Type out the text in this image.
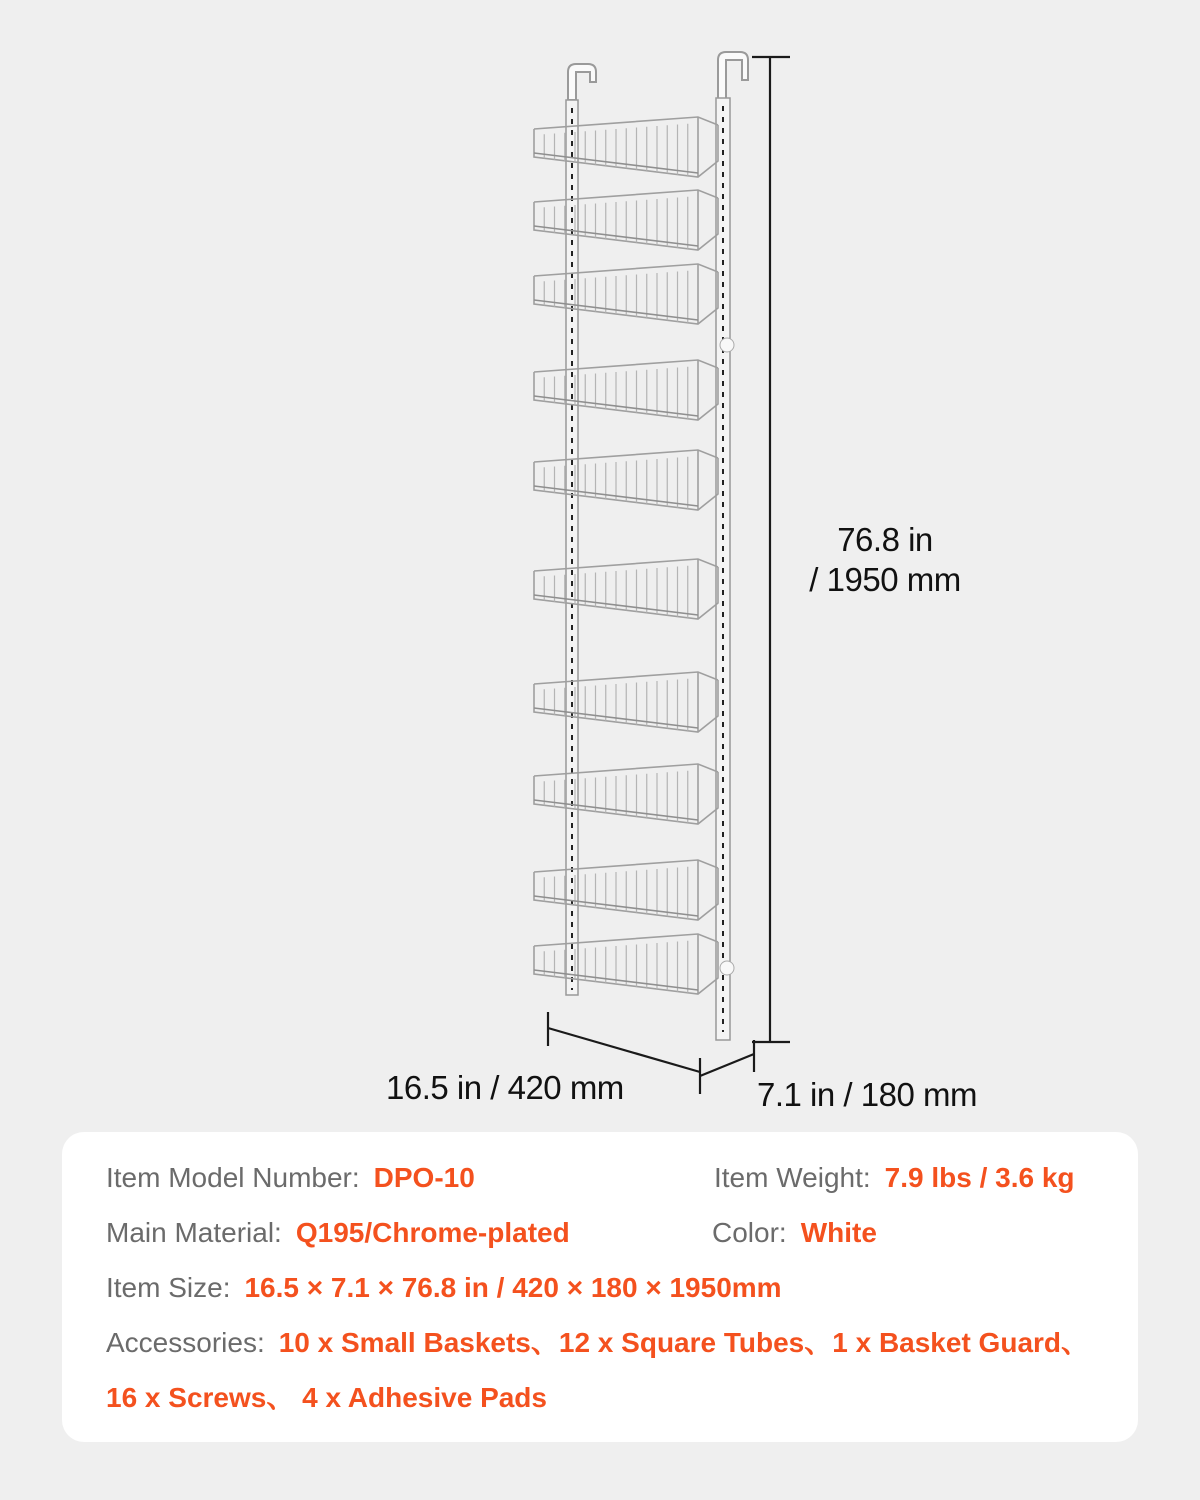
76.8 in
/ 1950 mm
16.5 in / 420 mm	7.1 in / 180 mm
Item Model Number: DPO-10	Item Weight: 7.9 lbs / 3.6 kg
Main Material: Q195/Chrome-plated	Color: White
Item Size: 16.5 × 7.1 × 76.8 in / 420 × 180 × 1950mm
Accessories: 10 x Small Baskets、12 x Square Tubes、1 x Basket Guard、
16 x Screws、 4 x Adhesive Pads
